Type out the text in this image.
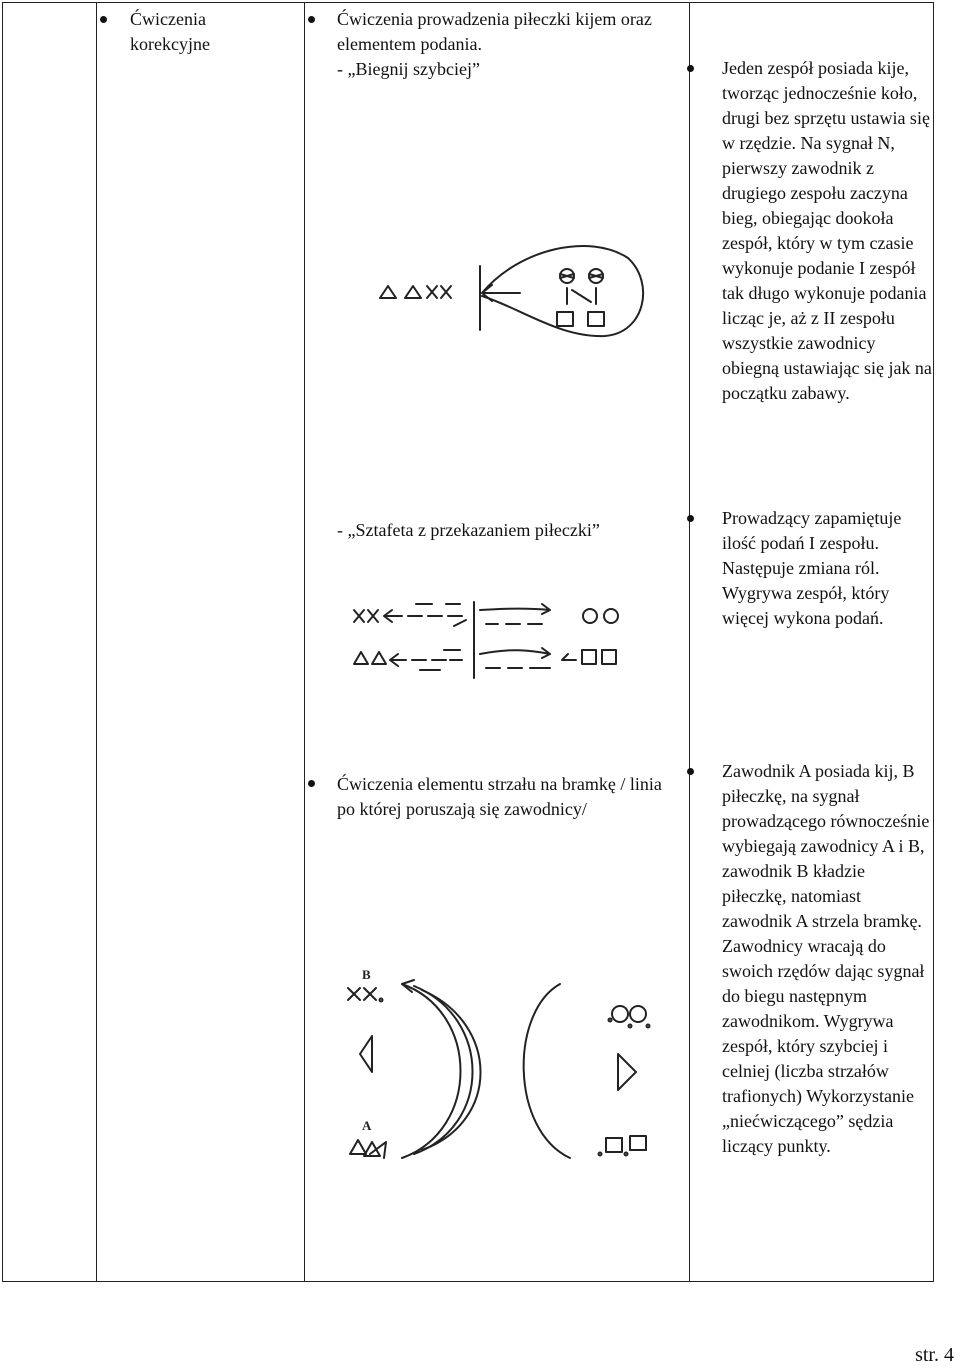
Ćwiczenia korekcyjne
Ćwiczenia prowadzenia piłeczki kijem oraz elementem podania.
- „Biegnij szybciej”
- „Sztafeta z przekazaniem piłeczki”
Jeden zespół posiada kije, tworząc jednocześnie koło, drugi bez sprzętu ustawia się w rzędzie. Na sygnał N, pierwszy zawodnik z drugiego zespołu zaczyna bieg, obiegając dookoła zespół, który w tym czasie wykonuje podanie I zespół tak długo wykonuje podania licząc je, aż z II zespołu wszystkie zawodnicy obiegną ustawiając się jak na początku zabawy.
Prowadzący zapamiętuje ilość podań I zespołu. Następuje zmiana ról. Wygrywa zespół, który więcej wykona podań.
Ćwiczenia elementu strzału na bramkę / linia po której poruszają się zawodnicy/
B
A
Zawodnik A posiada kij, B piłeczkę, na sygnał prowadzącego równocześnie wybiegają zawodnicy A i B, zawodnik B kładzie piłeczkę, natomiast zawodnik A strzela bramkę. Zawodnicy wracają do swoich rzędów dając sygnał do biegu następnym zawodnikom. Wygrywa zespół, który szybciej i celniej (liczba strzałów trafionych) Wykorzystanie „niećwiczącego” sędzia liczący punkty.
str. 4
